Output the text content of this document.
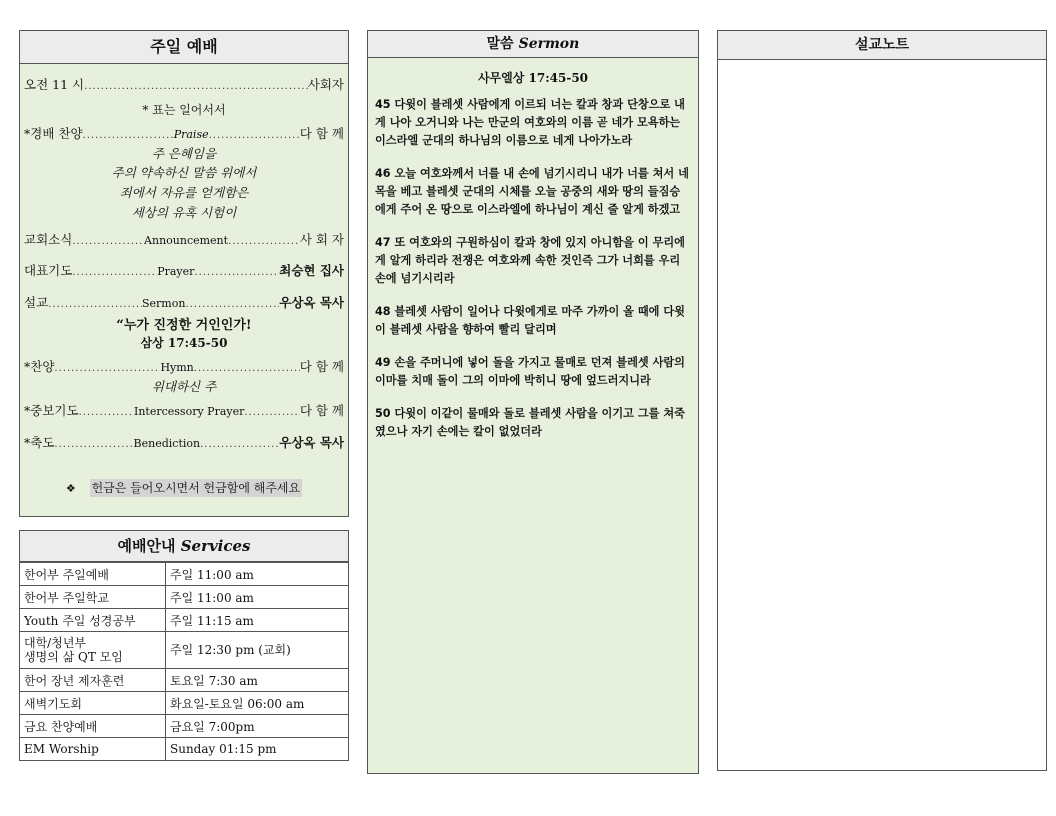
주일 예배
오전 11 시 .....	사회자
* 표는 일어서서
*경배 찬양 .....	Praise .....	다 함 께
주 은혜임을
주의 약속하신 말씀 위에서
죄에서 자유를 얻게함은
세상의 유혹 시험이
교회소식 .....	Announcement .....	사 회 자
대표기도 .....	Prayer .....	최승현 집사
설교 .....	Sermon .....	우상옥 목사
“누가 진정한 거인인가!
삼상 17:45-50
*찬양 .....	Hymn .....	다 함 께
위대하신 주
*중보기도 .....	Intercessory Prayer .....	다 함 께
*축도 .....	Benediction .....	우상옥 목사
❖ 헌금은 들어오시면서 헌금함에 해주세요
예배안내 Services
한어부 주일예배	주일 11:00 am
한어부 주일학교	주일 11:00 am
Youth 주일 성경공부	주일 11:15 am
대학/청년부
생명의 삶 QT 모임	주일 12:30 pm (교회)
한어 장년 제자훈련	토요일 7:30 am
새벽기도회	화요일-토요일 06:00 am
금요 찬양예배	금요일 7:00pm
EM Worship	Sunday 01:15 pm
말씀 Sermon
사무엘상 17:45-50
45 다윗이 블레셋 사람에게 이르되 너는 칼과 창과 단창으로 내게 나아 오거니와 나는 만군의 여호와의 이름 곧 네가 모욕하는 이스라엘 군대의 하나님의 이름으로 네게 나아가노라
46 오늘 여호와께서 너를 내 손에 넘기시리니 내가 너를 쳐서 네 목을 베고 블레셋 군대의 시체를 오늘 공중의 새와 땅의 들짐승에게 주어 온 땅으로 이스라엘에 하나님이 계신 줄 알게 하겠고
47 또 여호와의 구원하심이 칼과 창에 있지 아니함을 이 무리에게 알게 하리라 전쟁은 여호와께 속한 것인즉 그가 너희를 우리 손에 넘기시리라
48 블레셋 사람이 일어나 다윗에게로 마주 가까이 올 때에 다윗이 블레셋 사람을 향하여 빨리 달리며
49 손을 주머니에 넣어 돌을 가지고 물매로 던져 블레셋 사람의 이마를 치매 돌이 그의 이마에 박히니 땅에 엎드러지니라
50 다윗이 이같이 물매와 돌로 블레셋 사람을 이기고 그를 쳐죽였으나 자기 손에는 칼이 없었더라
설교노트
